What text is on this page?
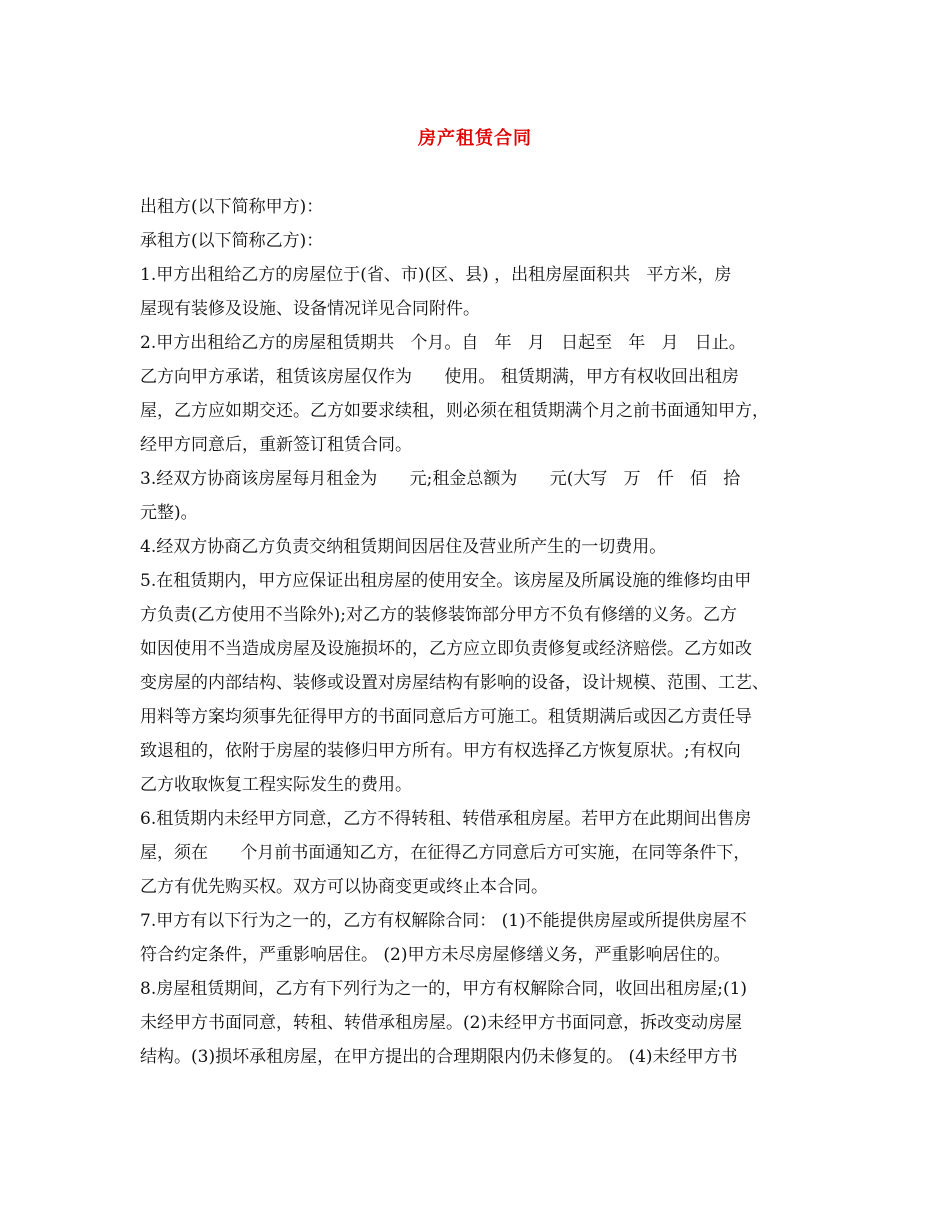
房产租赁合同
出租方(以下简称甲方)：
承租方(以下简称乙方)：
1.甲方出租给乙方的房屋位于(省、市)(区、县) ，出租房屋面积共   平方米，房
屋现有装修及设施、设备情况详见合同附件。
2.甲方出租给乙方的房屋租赁期共   个月。自   年   月   日起至   年   月   日止。
乙方向甲方承诺，租赁该房屋仅作为      使用。 租赁期满，甲方有权收回出租房
屋，乙方应如期交还。乙方如要求续租，则必须在租赁期满个月之前书面通知甲方，
经甲方同意后，重新签订租赁合同。
3.经双方协商该房屋每月租金为      元;租金总额为      元(大写   万   仟   佰   拾
元整)。
4.经双方协商乙方负责交纳租赁期间因居住及营业所产生的一切费用。
5.在租赁期内，甲方应保证出租房屋的使用安全。该房屋及所属设施的维修均由甲
方负责(乙方使用不当除外);对乙方的装修装饰部分甲方不负有修缮的义务。乙方
如因使用不当造成房屋及设施损坏的，乙方应立即负责修复或经济赔偿。乙方如改
变房屋的内部结构、装修或设置对房屋结构有影响的设备，设计规模、范围、工艺、
用料等方案均须事先征得甲方的书面同意后方可施工。租赁期满后或因乙方责任导
致退租的，依附于房屋的装修归甲方所有。甲方有权选择乙方恢复原状。;有权向
乙方收取恢复工程实际发生的费用。
6.租赁期内未经甲方同意，乙方不得转租、转借承租房屋。若甲方在此期间出售房
屋，须在      个月前书面通知乙方，在征得乙方同意后方可实施，在同等条件下，
乙方有优先购买权。双方可以协商变更或终止本合同。
7.甲方有以下行为之一的，乙方有权解除合同： (1)不能提供房屋或所提供房屋不
符合约定条件，严重影响居住。 (2)甲方未尽房屋修缮义务，严重影响居住的。
8.房屋租赁期间，乙方有下列行为之一的，甲方有权解除合同，收回出租房屋;(1)
未经甲方书面同意，转租、转借承租房屋。(2)未经甲方书面同意，拆改变动房屋
结构。(3)损坏承租房屋，在甲方提出的合理期限内仍未修复的。 (4)未经甲方书
